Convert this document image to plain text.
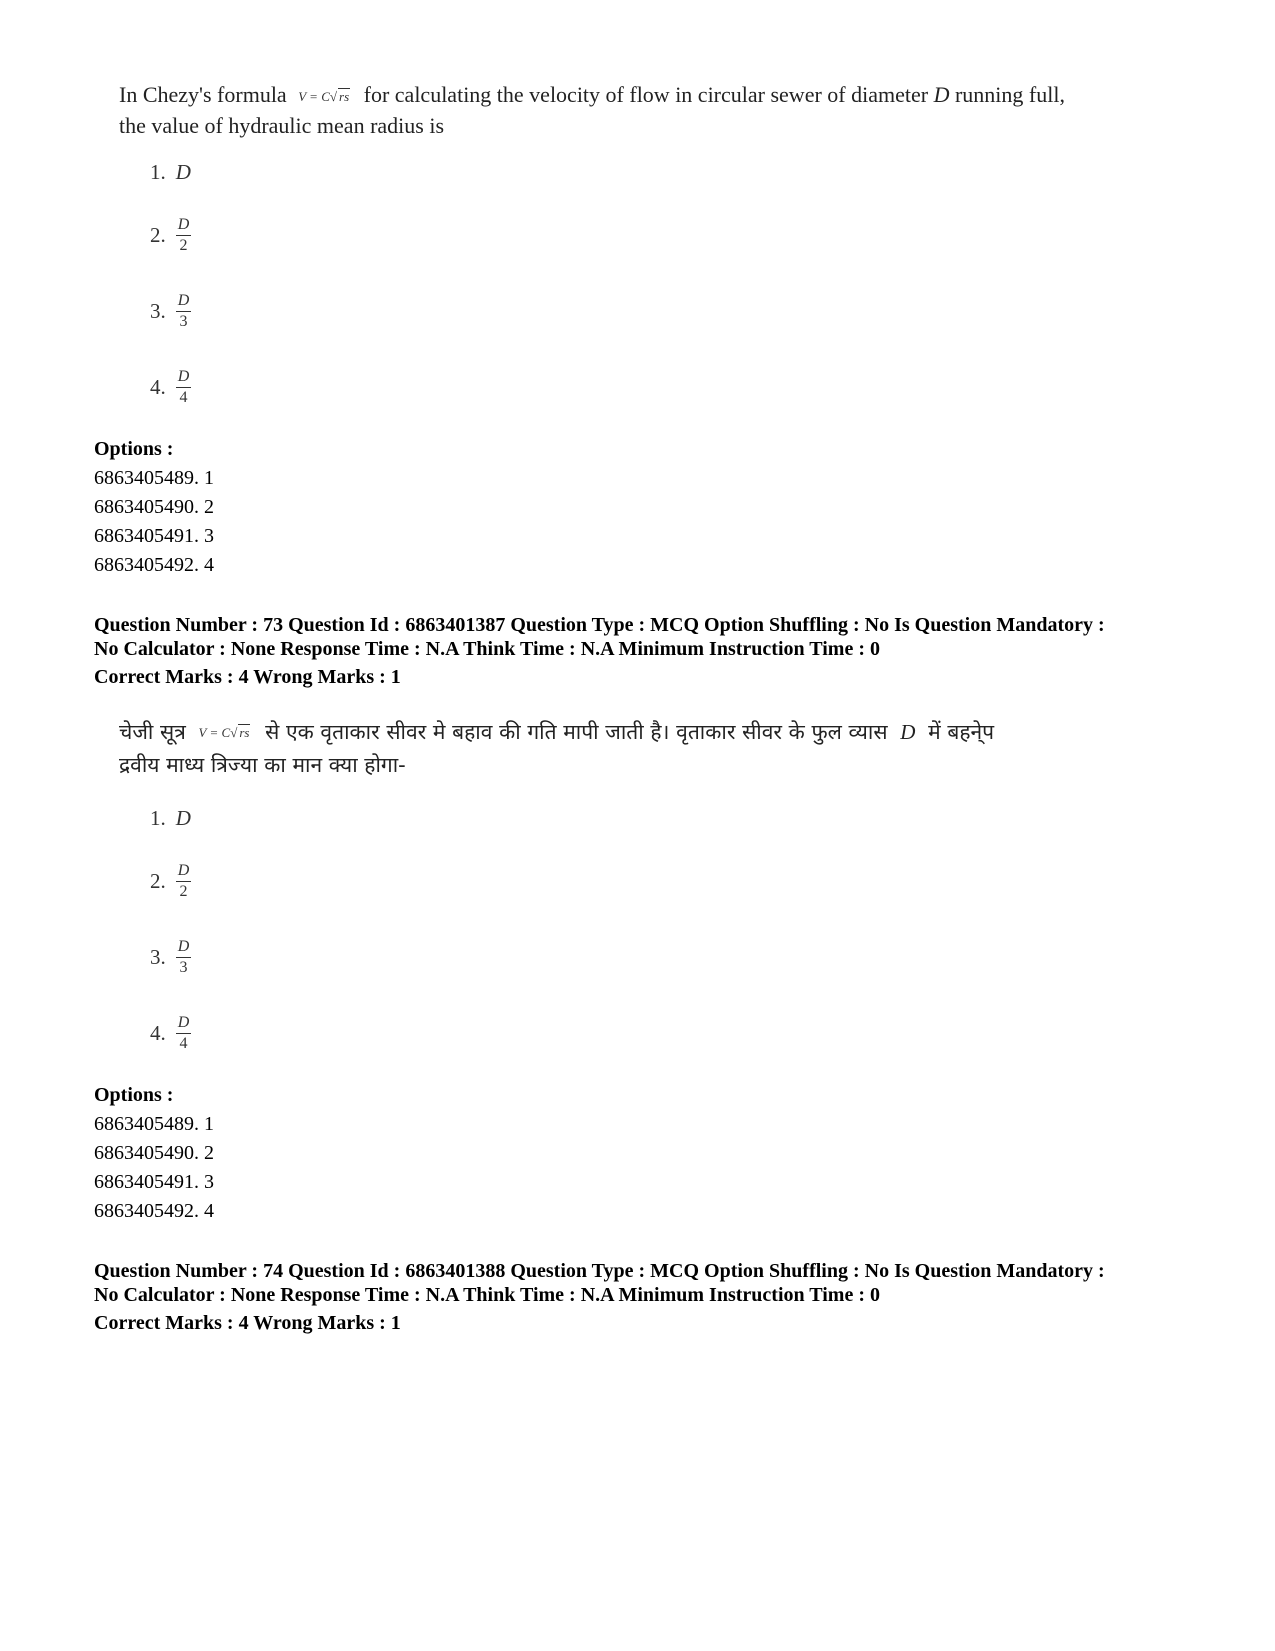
In Chezy's formula V = C√ rs for calculating the velocity of flow in circular sewer of diameter D running full,
the value of hydraulic mean radius is
1. D
2. $\frac{D}{2}$
3. $\frac{D}{3}$
4. $\frac{D}{4}$
Options :
6863405489. 1
6863405490. 2
6863405491. 3
6863405492. 4
Question Number : 73 Question Id : 6863401387 Question Type : MCQ Option Shuffling : No Is Question Mandatory :
No Calculator : None Response Time : N.A Think Time : N.A Minimum Instruction Time : 0
Correct Marks : 4 Wrong Marks : 1
चेजी सूत्र V = C√ rs से एक वृताकार सीवर मे बहाव की गति मापी जाती है। वृताकार सीवर के फुल व्यास D में बहने्प
द्रवीय माध्य त्रिज्या का मान क्या होगा-
1. D
2. $\frac{D}{2}$
3. $\frac{D}{3}$
4. $\frac{D}{4}$
Options :
6863405489. 1
6863405490. 2
6863405491. 3
6863405492. 4
Question Number : 74 Question Id : 6863401388 Question Type : MCQ Option Shuffling : No Is Question Mandatory :
No Calculator : None Response Time : N.A Think Time : N.A Minimum Instruction Time : 0
Correct Marks : 4 Wrong Marks : 1
